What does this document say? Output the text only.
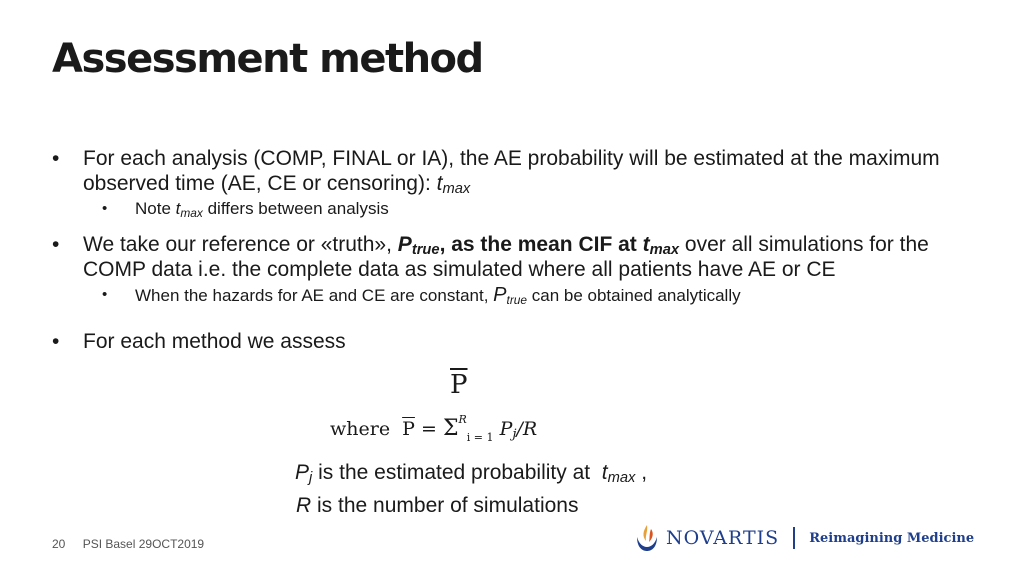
Assessment method
• For each analysis (COMP, FINAL or IA), the AE probability will be estimated at the maximum observed time (AE, CE or censoring): $t_{max}$
• Note $t_{max}$ differs between analysis
• We take our reference or «truth», $P_{true}$, as the mean CIF at $t_{max}$ over all simulations for the COMP data i.e. the complete data as simulated where all patients have AE or CE
• When the hazards for AE and CE are constant, $P_{true}$ can be obtained analytically
• For each method we assess
$\overline{P}$
where $\overline{P} = \Sigma^R_{i = 1}$ $P_j/R$
$P_j$ is the estimated probability at $t_{max}$ ,
R is the number of simulations
20 PSI Basel 29OCT2019	NOVARTIS Reimagining Medicine
